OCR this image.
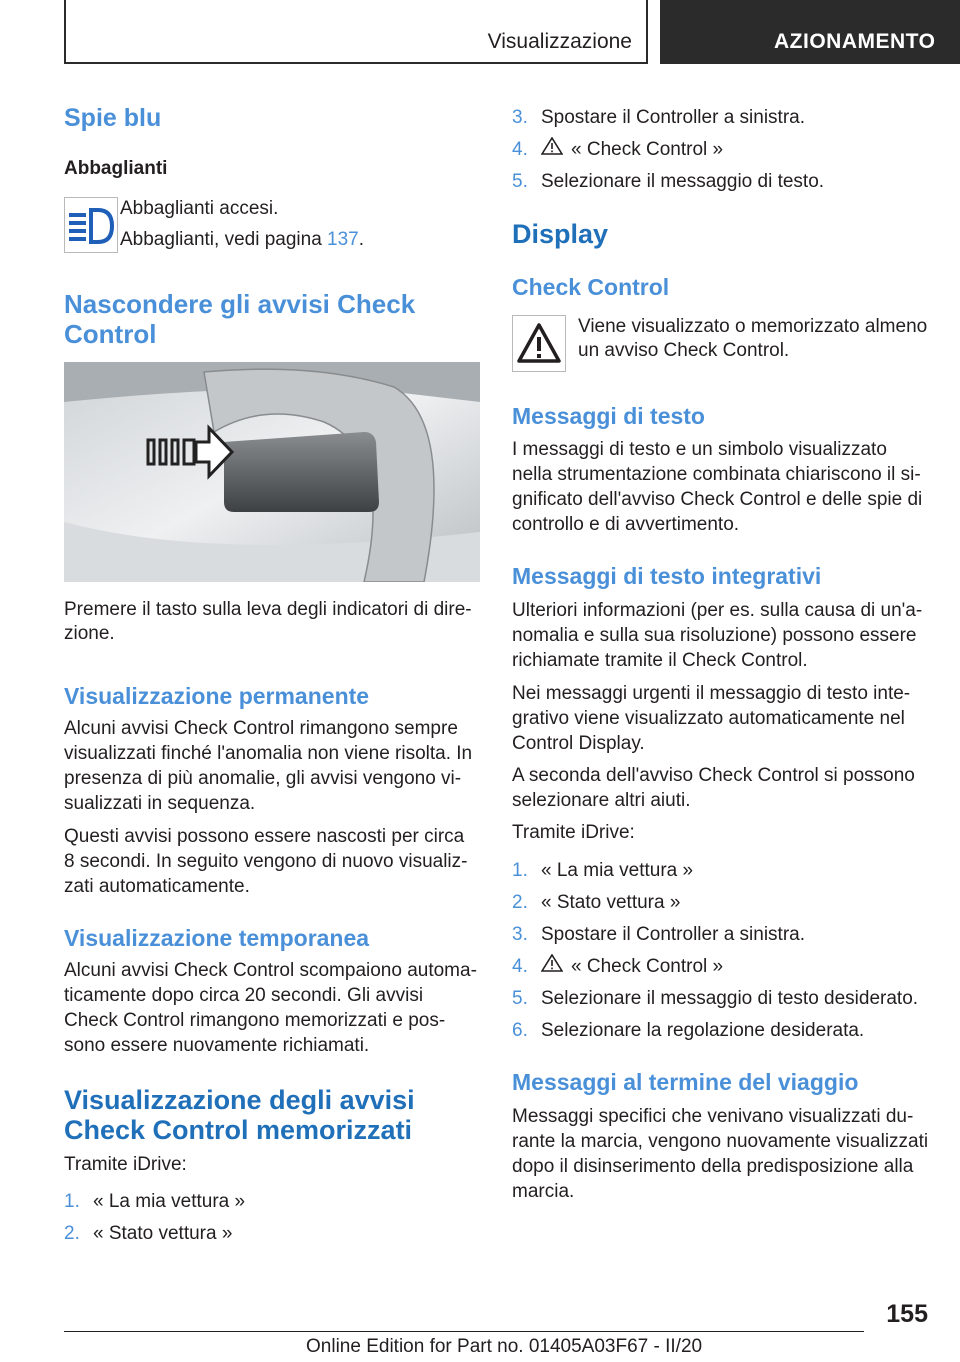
Visualizzazione	AZIONAMENTO
Spie blu
Abbaglianti

Abbaglianti accesi.

Abbaglianti, vedi pagina 137.

Nascondere gli avvisi Check
Control

Premere il tasto sulla leva degli indicatori di dire-

zione.

Visualizzazione permanente

Alcuni avvisi Check Control rimangono sempre

visualizzati finché l'anomalia non viene risolta. In

presenza di più anomalie, gli avvisi vengono vi-

sualizzati in sequenza.

Questi avvisi possono essere nascosti per circa

8 secondi. In seguito vengono di nuovo visualiz-

zati automaticamente.

Visualizzazione temporanea

Alcuni avvisi Check Control scompaiono automa-

ticamente dopo circa 20 secondi. Gli avvisi

Check Control rimangono memorizzati e pos-

sono essere nuovamente richiamati.

Visualizzazione degli avvisi
Check Control memorizzati

Tramite iDrive:

1. « La mia vettura »
2. « Stato vettura »
3. Spostare il Controller a sinistra.
4. « Check Control »
5. Selezionare il messaggio di testo.
Display
Check Control

Viene visualizzato o memorizzato almeno

un avviso Check Control.

Messaggi di testo

I messaggi di testo e un simbolo visualizzato

nella strumentazione combinata chiariscono il si-

gnificato dell'avviso Check Control e delle spie di

controllo e di avvertimento.

Messaggi di testo integrativi

Ulteriori informazioni (per es. sulla causa di un'a-

nomalia e sulla sua risoluzione) possono essere

richiamate tramite il Check Control.

Nei messaggi urgenti il messaggio di testo inte-

grativo viene visualizzato automaticamente nel

Control Display.

A seconda dell'avviso Check Control si possono

selezionare altri aiuti.

Tramite iDrive:

1. « La mia vettura »
2. « Stato vettura »
3. Spostare il Controller a sinistra.
4. « Check Control »
5. Selezionare il messaggio di testo desiderato.
6. Selezionare la regolazione desiderata.
Messaggi al termine del viaggio

Messaggi specifici che venivano visualizzati du-

rante la marcia, vengono nuovamente visualizzati

dopo il disinserimento della predisposizione alla

marcia.

155
Online Edition for Part no. 01405A03F67 - II/20
